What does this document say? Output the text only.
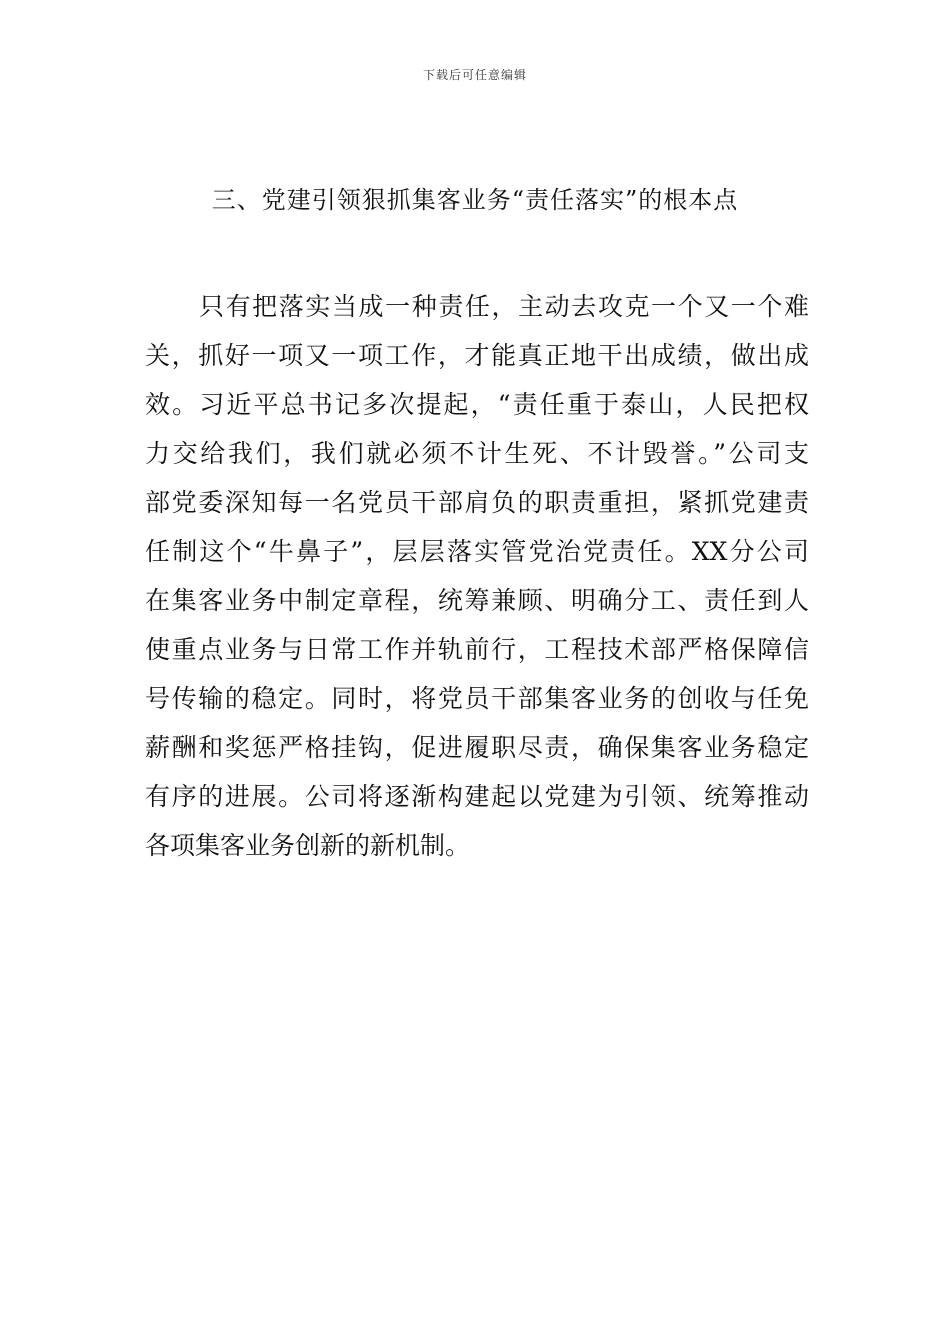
下载后可任意编辑
三、党建引领狠抓集客业务“责任落实”的根本点
只有把落实当成一种责任，主动去攻克一个又一个难
关，抓好一项又一项工作，才能真正地干出成绩，做出成
效。习近平总书记多次提起，“责任重于泰山，人民把权
力交给我们，我们就必须不计生死、不计毁誉。”公司支
部党委深知每一名党员干部肩负的职责重担，紧抓党建责
任制这个“牛鼻子”，层层落实管党治党责任。XX分公司
在集客业务中制定章程，统筹兼顾、明确分工、责任到人
使重点业务与日常工作并轨前行，工程技术部严格保障信
号传输的稳定。同时，将党员干部集客业务的创收与任免
薪酬和奖惩严格挂钩，促进履职尽责，确保集客业务稳定
有序的进展。公司将逐渐构建起以党建为引领、统筹推动
各项集客业务创新的新机制。
